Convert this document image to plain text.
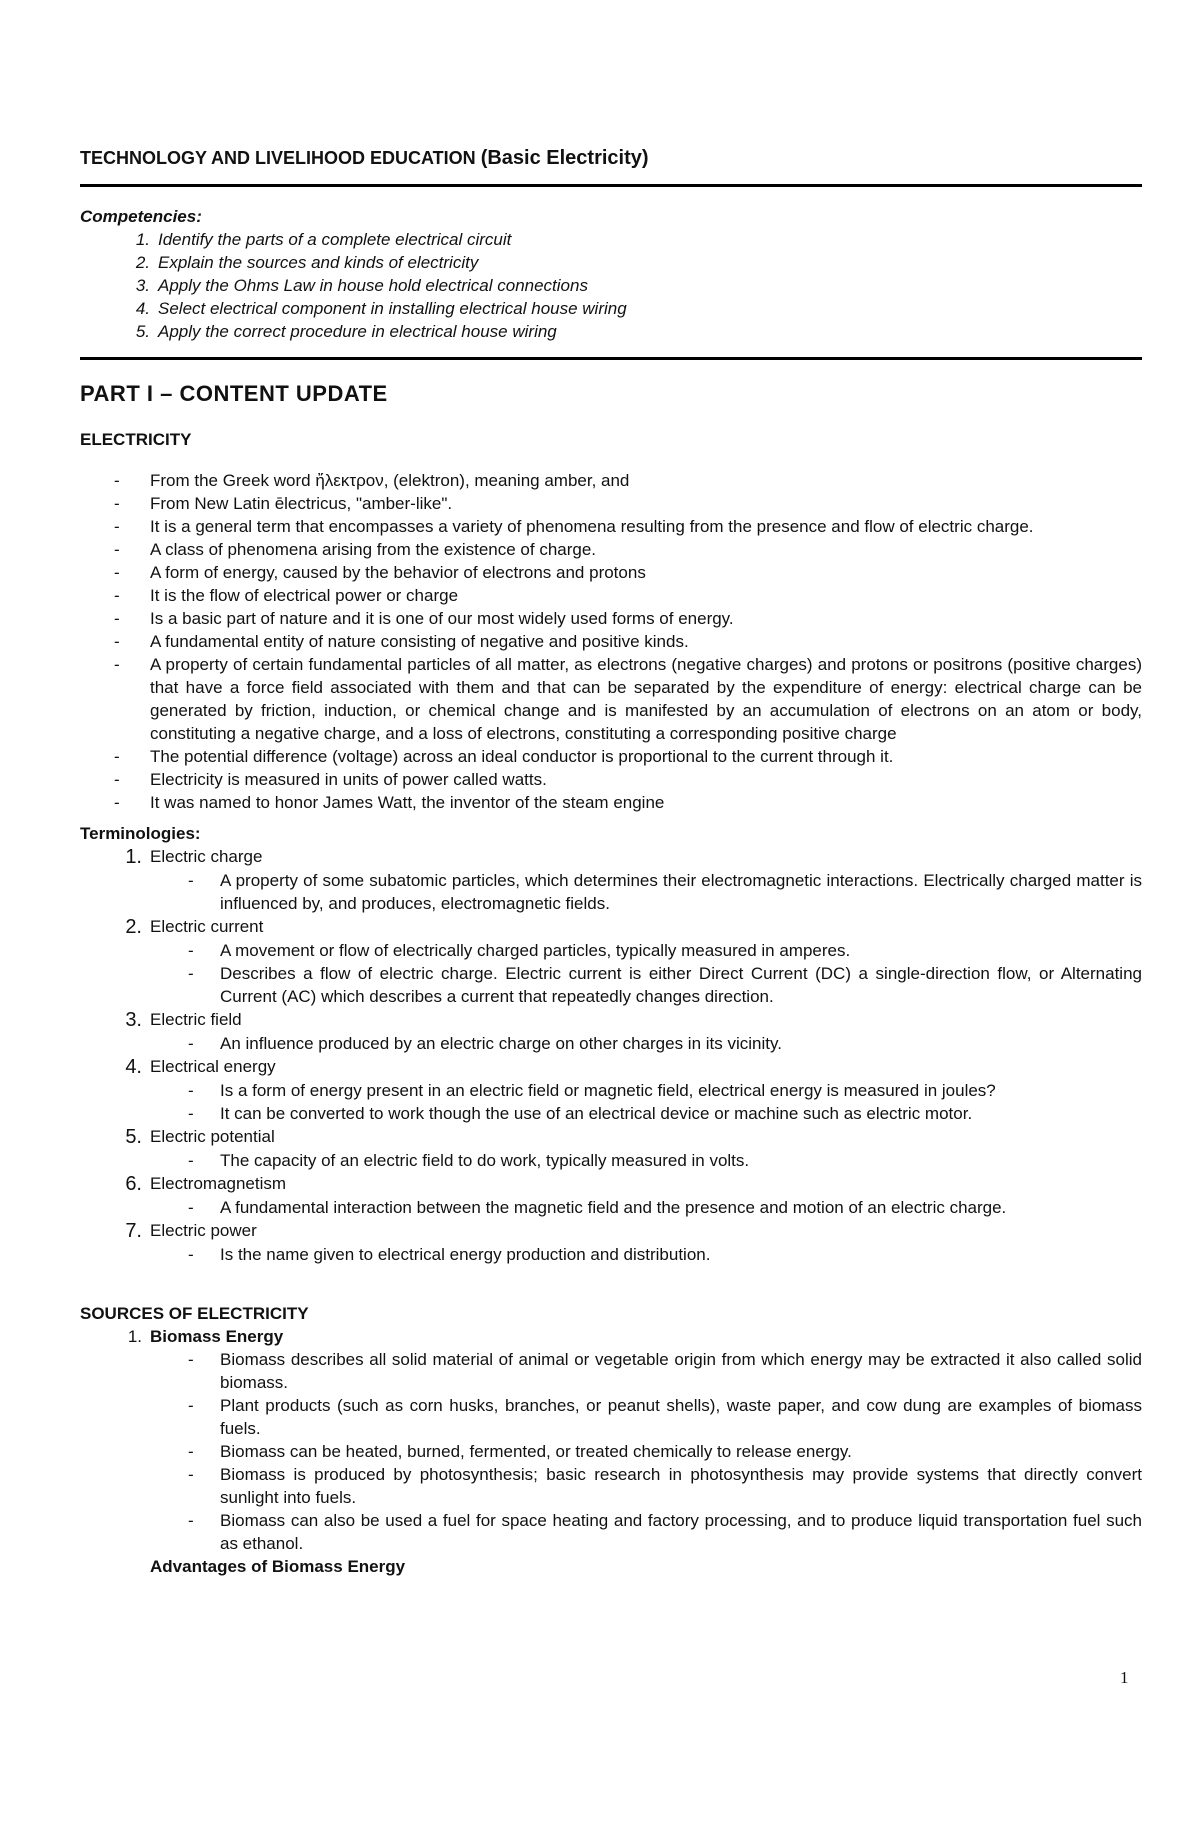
TECHNOLOGY AND LIVELIHOOD EDUCATION (Basic Electricity)
Competencies:
1. Identify the parts of a complete electrical circuit
2. Explain the sources and kinds of electricity
3. Apply the Ohms Law in house hold electrical connections
4. Select electrical component in installing electrical house wiring
5. Apply the correct procedure in electrical house wiring
PART I – CONTENT UPDATE
ELECTRICITY
-	From the Greek word ἤλεκτρον, (elektron), meaning amber, and
-	From New Latin ēlectricus, "amber-like".
-	It is a general term that encompasses a variety of phenomena resulting from the presence and flow of electric charge.
-	A class of phenomena arising from the existence of charge.
-	A form of energy, caused by the behavior of electrons and protons
-	It is the flow of electrical power or charge
-	Is a basic part of nature and it is one of our most widely used forms of energy.
-	A fundamental entity of nature consisting of negative and positive kinds.
-	A property of certain fundamental particles of all matter, as electrons (negative charges) and protons or positrons (positive charges) that have a force field associated with them and that can be separated by the expenditure of energy: electrical charge can be generated by friction, induction, or chemical change and is manifested by an accumulation of electrons on an atom or body, constituting a negative charge, and a loss of electrons, constituting a corresponding positive charge
-	The potential difference (voltage) across an ideal conductor is proportional to the current through it.
-	Electricity is measured in units of power called watts.
-	It was named to honor James Watt, the inventor of the steam engine
Terminologies:
1. Electric charge
-	A property of some subatomic particles, which determines their electromagnetic interactions. Electrically charged matter is influenced by, and produces, electromagnetic fields.
2. Electric current
-	A movement or flow of electrically charged particles, typically measured in amperes.
-	Describes a flow of electric charge. Electric current is either Direct Current (DC) a single-direction flow, or Alternating Current (AC) which describes a current that repeatedly changes direction.
3. Electric field
-	An influence produced by an electric charge on other charges in its vicinity.
4. Electrical energy
-	Is a form of energy present in an electric field or magnetic field, electrical energy is measured in joules?
-	It can be converted to work though the use of an electrical device or machine such as electric motor.
5. Electric potential
-	The capacity of an electric field to do work, typically measured in volts.
6. Electromagnetism
-	A fundamental interaction between the magnetic field and the presence and motion of an electric charge.
7. Electric power
-	Is the name given to electrical energy production and distribution.
SOURCES OF ELECTRICITY
1. Biomass Energy
-	Biomass describes all solid material of animal or vegetable origin from which energy may be extracted it also called solid biomass.
-	Plant products (such as corn husks, branches, or peanut shells), waste paper, and cow dung are examples of biomass fuels.
-	Biomass can be heated, burned, fermented, or treated chemically to release energy.
-	Biomass is produced by photosynthesis; basic research in photosynthesis may provide systems that directly convert sunlight into fuels.
-	Biomass can also be used a fuel for space heating and factory processing, and to produce liquid transportation fuel such as ethanol.
Advantages of Biomass Energy
1
